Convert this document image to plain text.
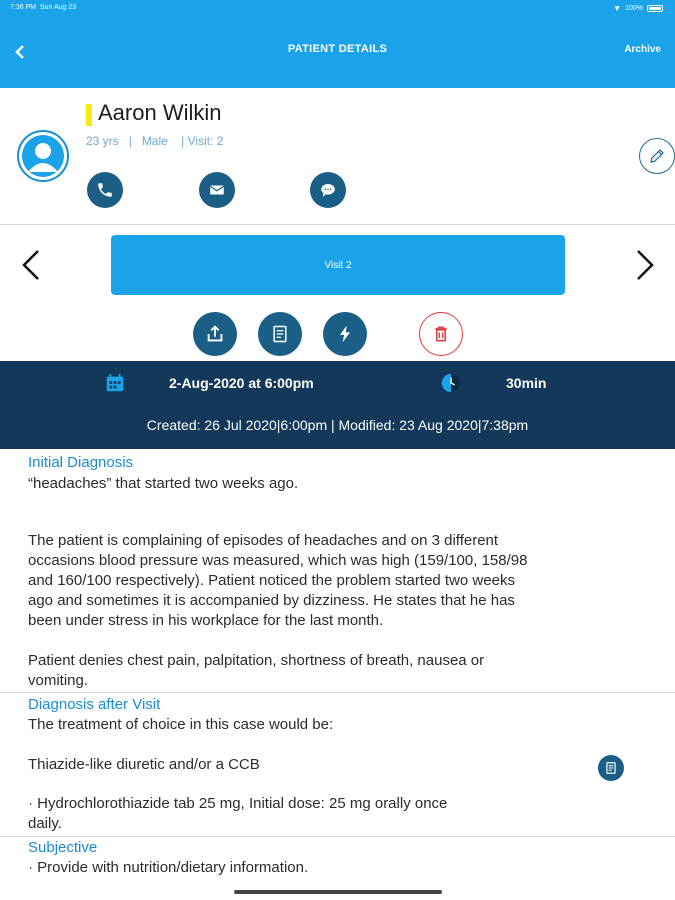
7:38 PM Sun Aug 23	▼ 100%
PATIENT DETAILS	Archive
Aaron Wilkin
23 yrs | Male | Visit: 2
Visit 2
2-Aug-2020 at 6:00pm	30min
Created: 26 Jul 2020|6:00pm | Modified: 23 Aug 2020|7:38pm
Initial Diagnosis
“headaches” that started two weeks ago.
The patient is complaining of episodes of headaches and on 3 different
occasions blood pressure was measured, which was high (159/100, 158/98
and 160/100 respectively). Patient noticed the problem started two weeks
ago and sometimes it is accompanied by dizziness. He states that he has
been under stress in his workplace for the last month.
Patient denies chest pain, palpitation, shortness of breath, nausea or
vomiting.
Diagnosis after Visit
The treatment of choice in this case would be:
Thiazide-like diuretic and/or a CCB
· Hydrochlorothiazide tab 25 mg, Initial dose: 25 mg orally once
daily.
Subjective
· Provide with nutrition/dietary information.
